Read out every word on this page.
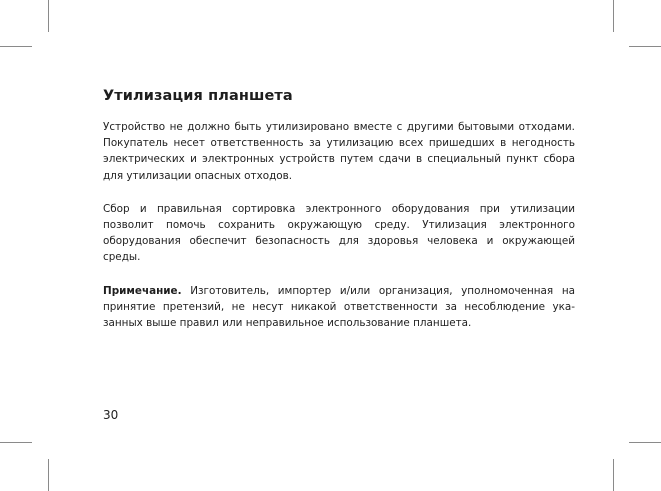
Утилизация планшета

Устройство не должно быть утилизировано вместе с другими бытовыми отходами. Покупатель несет ответственность за утилизацию всех пришедших в негодность электрических и электронных устройств путем сдачи в специальный пункт сбора для утилизации опасных отходов.

Сбор и правильная сортировка электронного оборудования при утилизации позволит помочь сохранить окружающую среду. Утилизация электронного оборудования обеспечит безопасность для здоровья человека и окружающей среды.

Примечание. Изготовитель, импортер и/или организация, уполномоченная на принятие претензий, не несут никакой ответственности за несоблюдение указанных выше правил или неправильное использование планшета.

30
